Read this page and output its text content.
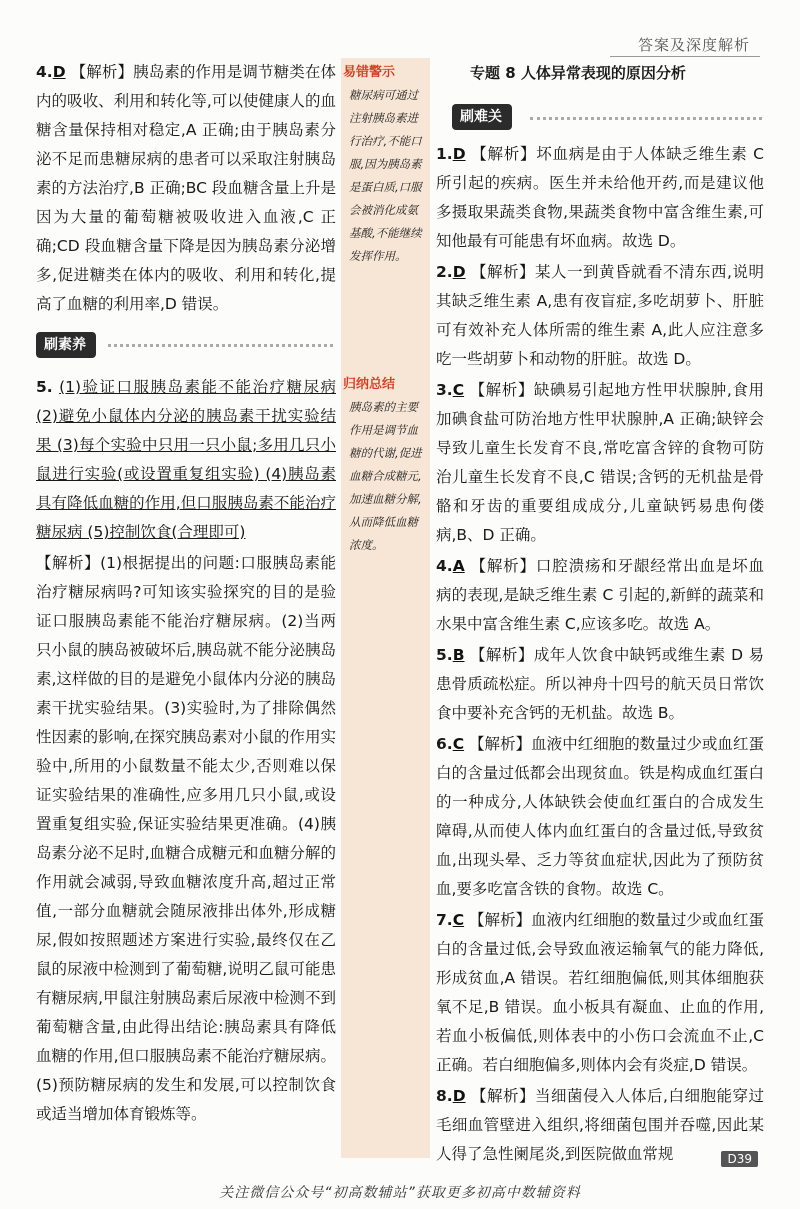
答案及深度解析

4.D 【解析】胰岛素的作用是调节糖类在体内的吸收、利用和转化等,可以使健康人的血糖含量保持相对稳定,A 正确;由于胰岛素分泌不足而患糖尿病的患者可以采取注射胰岛素的方法治疗,B 正确;BC 段血糖含量上升是因为大量的葡萄糖被吸收进入血液,C 正确;CD 段血糖含量下降是因为胰岛素分泌增多,促进糖类在体内的吸收、利用和转化,提高了血糖的利用率,D 错误。

5. (1)验证口服胰岛素能不能治疗糖尿病 (2)避免小鼠体内分泌的胰岛素干扰实验结果 (3)每个实验中只用一只小鼠;多用几只小鼠进行实验(或设置重复组实验) (4)胰岛素具有降低血糖的作用,但口服胰岛素不能治疗糖尿病 (5)控制饮食(合理即可)

【解析】(1)根据提出的问题:口服胰岛素能治疗糖尿病吗?可知该实验探究的目的是验证口服胰岛素能不能治疗糖尿病。(2)当两只小鼠的胰岛被破坏后,胰岛就不能分泌胰岛素,这样做的目的是避免小鼠体内分泌的胰岛素干扰实验结果。(3)实验时,为了排除偶然性因素的影响,在探究胰岛素对小鼠的作用实验中,所用的小鼠数量不能太少,否则难以保证实验结果的准确性,应多用几只小鼠,或设置重复组实验,保证实验结果更准确。(4)胰岛素分泌不足时,血糖合成糖元和血糖分解的作用就会减弱,导致血糖浓度升高,超过正常值,一部分血糖就会随尿液排出体外,形成糖尿,假如按照题述方案进行实验,最终仅在乙鼠的尿液中检测到了葡萄糖,说明乙鼠可能患有糖尿病,甲鼠注射胰岛素后尿液中检测不到葡萄糖含量,由此得出结论:胰岛素具有降低血糖的作用,但口服胰岛素不能治疗糖尿病。(5)预防糖尿病的发生和发展,可以控制饮食或适当增加体育锻炼等。

刷素养
易错警示
糖尿病可通过注射胰岛素进行治疗,不能口服,因为胰岛素是蛋白质,口服会被消化成氨基酸,不能继续发挥作用。
归纳总结
胰岛素的主要作用是调节血糖的代谢,促进血糖合成糖元,加速血糖分解,从而降低血糖浓度。
专题 8 人体异常表现的原因分析
刷难关

1.D 【解析】坏血病是由于人体缺乏维生素 C 所引起的疾病。医生并未给他开药,而是建议他多摄取果蔬类食物,果蔬类食物中富含维生素,可知他最有可能患有坏血病。故选 D。

2.D 【解析】某人一到黄昏就看不清东西,说明其缺乏维生素 A,患有夜盲症,多吃胡萝卜、肝脏可有效补充人体所需的维生素 A,此人应注意多吃一些胡萝卜和动物的肝脏。故选 D。

3.C 【解析】缺碘易引起地方性甲状腺肿,食用加碘食盐可防治地方性甲状腺肿,A 正确;缺锌会导致儿童生长发育不良,常吃富含锌的食物可防治儿童生长发育不良,C 错误;含钙的无机盐是骨骼和牙齿的重要组成成分,儿童缺钙易患佝偻病,B、D 正确。

4.A 【解析】口腔溃疡和牙龈经常出血是坏血病的表现,是缺乏维生素 C 引起的,新鲜的蔬菜和水果中富含维生素 C,应该多吃。故选 A。

5.B 【解析】成年人饮食中缺钙或维生素 D 易患骨质疏松症。所以神舟十四号的航天员日常饮食中要补充含钙的无机盐。故选 B。

6.C 【解析】血液中红细胞的数量过少或血红蛋白的含量过低都会出现贫血。铁是构成血红蛋白的一种成分,人体缺铁会使血红蛋白的合成发生障碍,从而使人体内血红蛋白的含量过低,导致贫血,出现头晕、乏力等贫血症状,因此为了预防贫血,要多吃富含铁的食物。故选 C。

7.C 【解析】血液内红细胞的数量过少或血红蛋白的含量过低,会导致血液运输氧气的能力降低,形成贫血,A 错误。若红细胞偏低,则其体细胞获氧不足,B 错误。血小板具有凝血、止血的作用,若血小板偏低,则体表中的小伤口会流血不止,C 正确。若白细胞偏多,则体内会有炎症,D 错误。

8.D 【解析】当细菌侵入人体后,白细胞能穿过毛细血管壁进入组织,将细菌包围并吞噬,因此某人得了急性阑尾炎,到医院做血常规	D39
关注微信公众号“初高数辅站”获取更多初高中数辅资料
